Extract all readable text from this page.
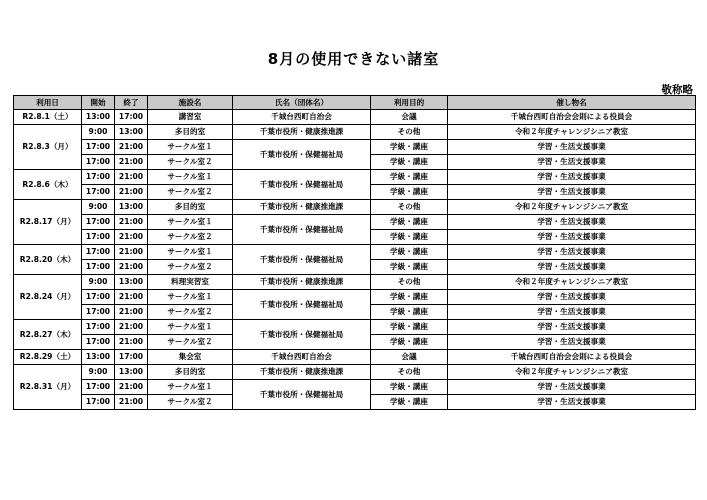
8月の使用できない諸室
敬称略
利用日	開始	終了	施設名	氏名（団体名）	利用目的	催し物名
R2.8.1（土）	13:00	17:00	講習室	千城台西町自治会	会議	千城台西町自治会会則による役員会
R2.8.3（月）	9:00	13:00	多目的室	千葉市役所・健康推進課	その他	令和２年度チャレンジシニア教室
	17:00	21:00	サークル室１	千葉市役所・保健福祉局	学級・講座	学習・生活支援事業
	17:00	21:00	サークル室２		学級・講座	学習・生活支援事業
R2.8.6（木）	17:00	21:00	サークル室１	千葉市役所・保健福祉局	学級・講座	学習・生活支援事業
	17:00	21:00	サークル室２		学級・講座	学習・生活支援事業
R2.8.17（月）	9:00	13:00	多目的室	千葉市役所・健康推進課	その他	令和２年度チャレンジシニア教室
	17:00	21:00	サークル室１	千葉市役所・保健福祉局	学級・講座	学習・生活支援事業
	17:00	21:00	サークル室２		学級・講座	学習・生活支援事業
R2.8.20（木）	17:00	21:00	サークル室１	千葉市役所・保健福祉局	学級・講座	学習・生活支援事業
	17:00	21:00	サークル室２		学級・講座	学習・生活支援事業
R2.8.24（月）	9:00	13:00	料理実習室	千葉市役所・健康推進課	その他	令和２年度チャレンジシニア教室
	17:00	21:00	サークル室１	千葉市役所・保健福祉局	学級・講座	学習・生活支援事業
	17:00	21:00	サークル室２		学級・講座	学習・生活支援事業
R2.8.27（木）	17:00	21:00	サークル室１	千葉市役所・保健福祉局	学級・講座	学習・生活支援事業
	17:00	21:00	サークル室２		学級・講座	学習・生活支援事業
R2.8.29（土）	13:00	17:00	集会室	千城台西町自治会	会議	千城台西町自治会会則による役員会
R2.8.31（月）	9:00	13:00	多目的室	千葉市役所・健康推進課	その他	令和２年度チャレンジシニア教室
	17:00	21:00	サークル室１	千葉市役所・保健福祉局	学級・講座	学習・生活支援事業
	17:00	21:00	サークル室２		学級・講座	学習・生活支援事業
